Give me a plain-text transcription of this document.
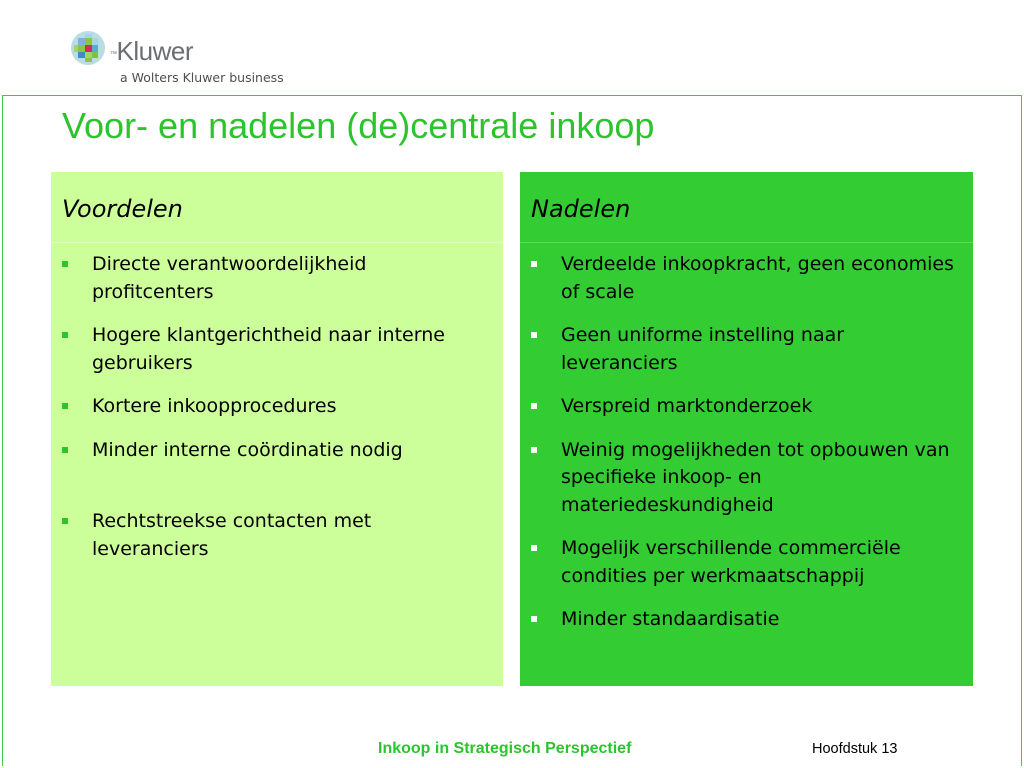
™Kluwer
a Wolters Kluwer business
Voor- en nadelen (de)centrale inkoop
Voordelen
Directe verantwoordelijkheid profitcenters
Hogere klantgerichtheid naar interne gebruikers
Kortere inkoopprocedures
Minder interne coördinatie nodig
Rechtstreekse contacten met leveranciers
Nadelen
Verdeelde inkoopkracht, geen economies of scale
Geen uniforme instelling naar leveranciers
Verspreid marktonderzoek
Weinig mogelijkheden tot opbouwen van specifieke inkoop- en materiedeskundigheid
Mogelijk verschillende commerciële condities per werkmaatschappij
Minder standaardisatie
Inkoop in Strategisch Perspectief	Hoofdstuk 13
